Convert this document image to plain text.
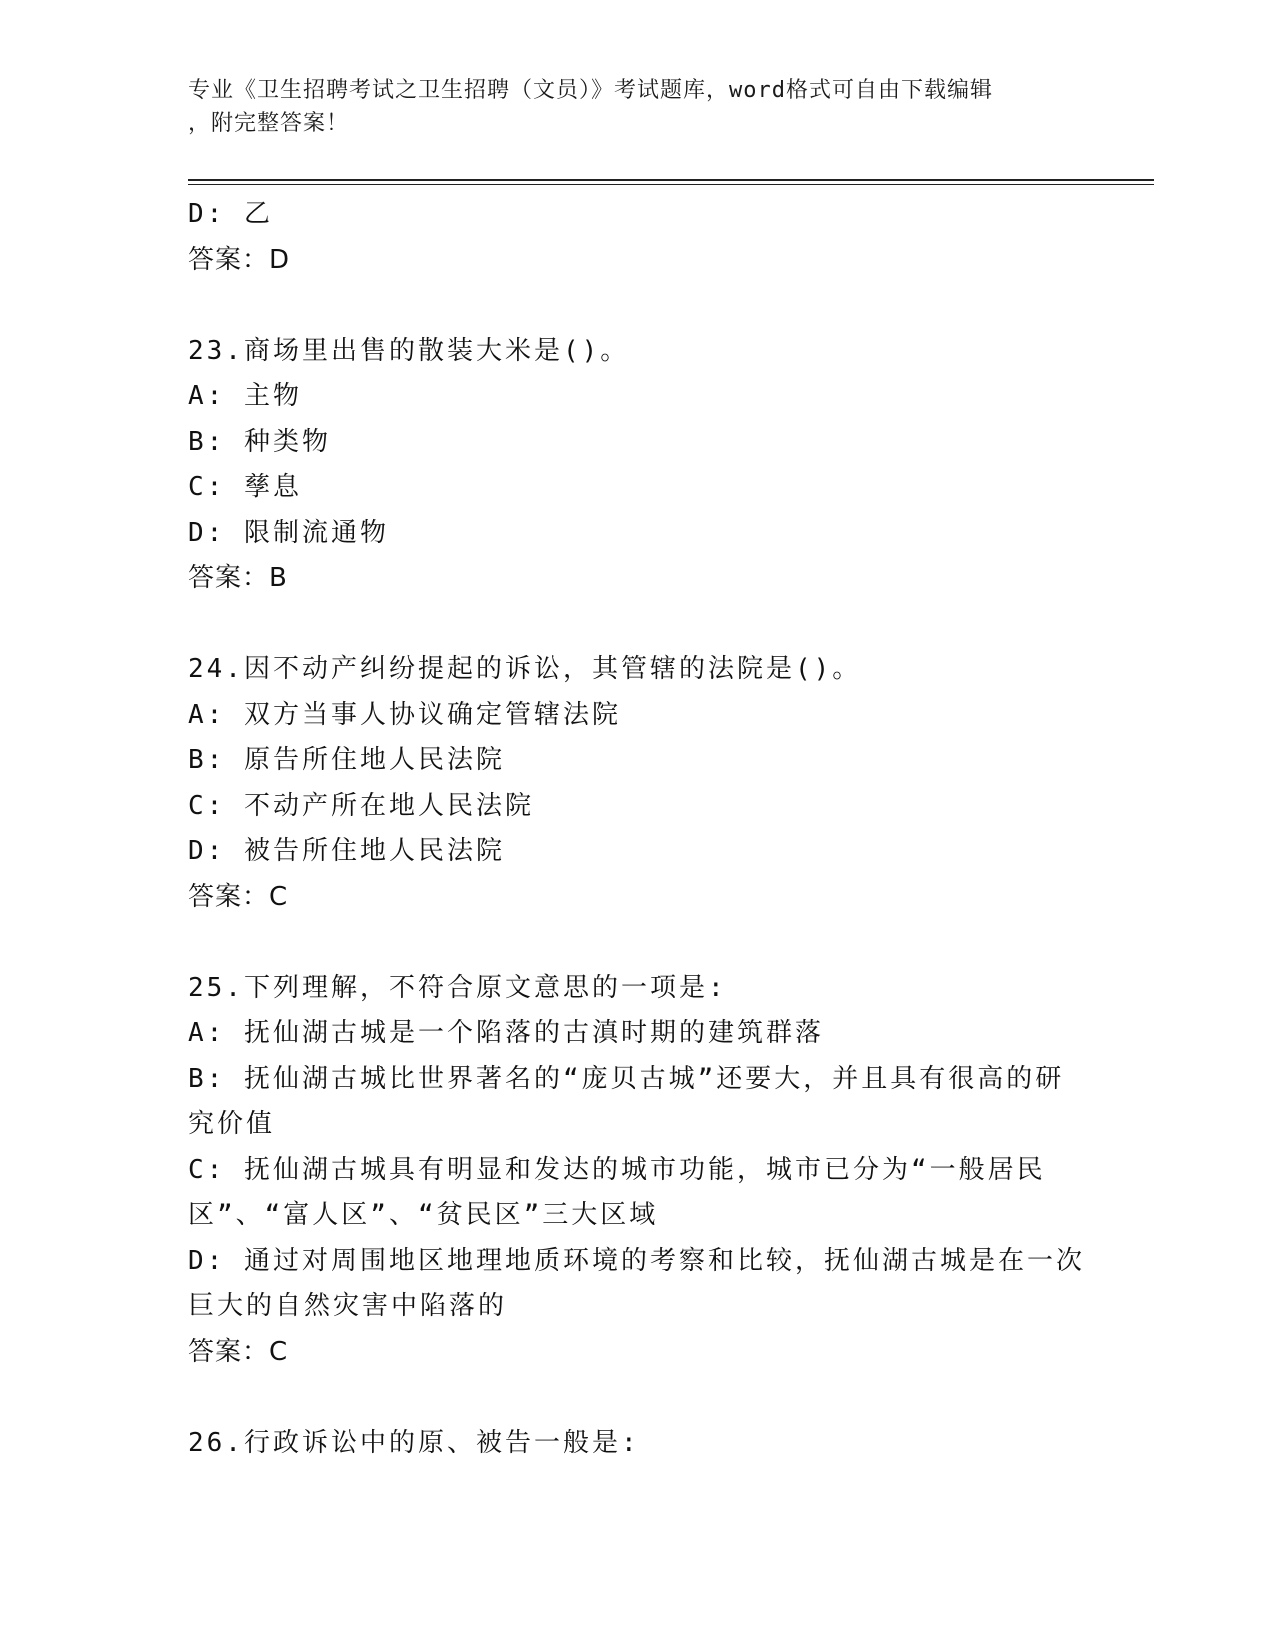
专业《卫生招聘考试之卫生招聘（文员）》考试题库，word格式可自由下载编辑
，附完整答案！
D: 乙
答案：D
23.商场里出售的散装大米是()。
A: 主物
B: 种类物
C: 孳息
D: 限制流通物
答案：B
24.因不动产纠纷提起的诉讼，其管辖的法院是()。
A: 双方当事人协议确定管辖法院
B: 原告所住地人民法院
C: 不动产所在地人民法院
D: 被告所住地人民法院
答案：C
25.下列理解，不符合原文意思的一项是:
A: 抚仙湖古城是一个陷落的古滇时期的建筑群落
B: 抚仙湖古城比世界著名的“庞贝古城”还要大，并且具有很高的研究价值
C: 抚仙湖古城具有明显和发达的城市功能，城市已分为“一般居民区”、“富人区”、“贫民区”三大区域
D: 通过对周围地区地理地质环境的考察和比较，抚仙湖古城是在一次巨大的自然灾害中陷落的
答案：C
26.行政诉讼中的原、被告一般是:
